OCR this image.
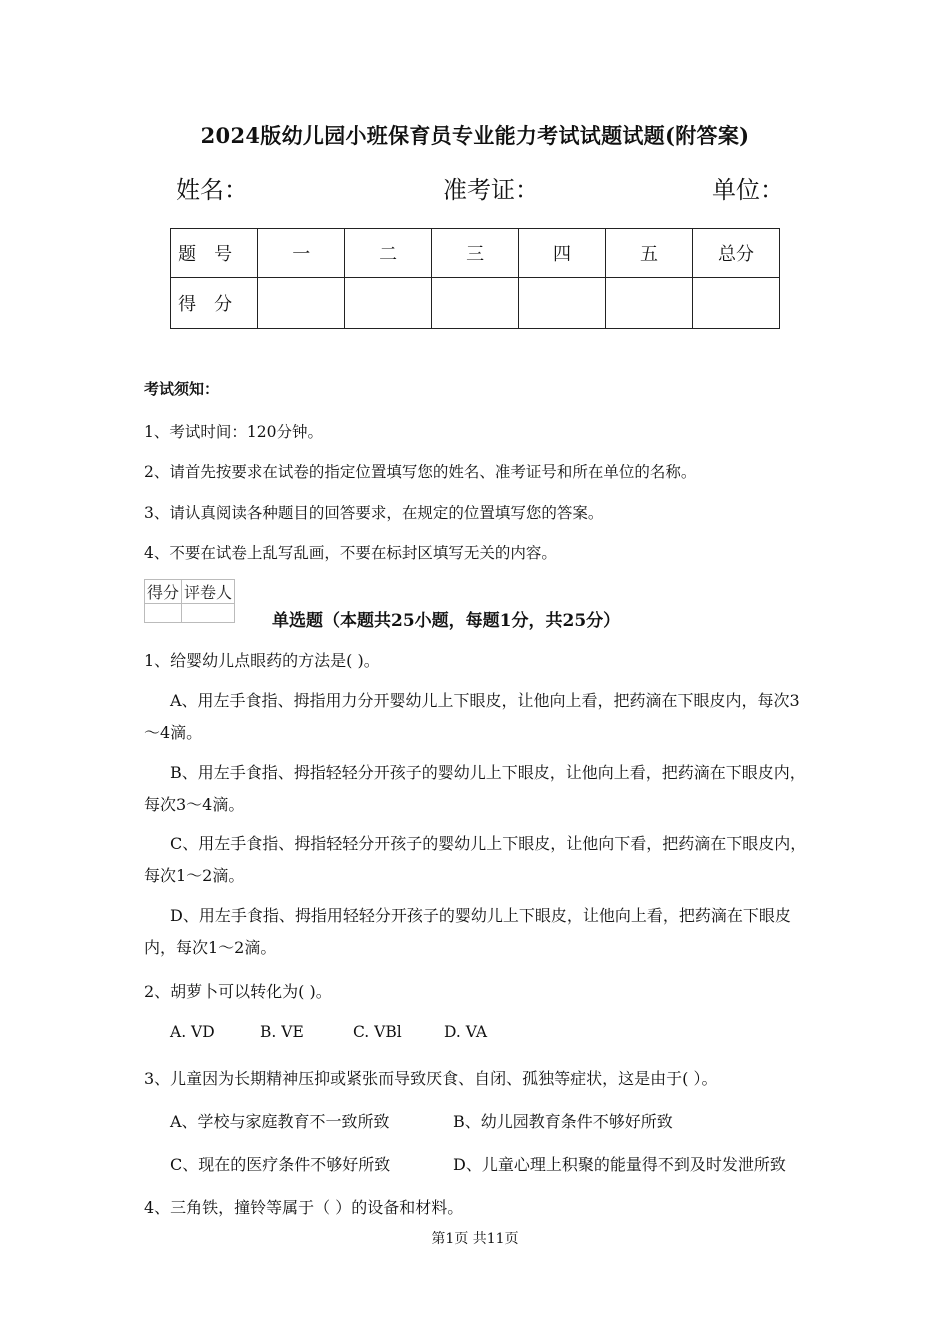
2024版幼儿园小班保育员专业能力考试试题试题(附答案)
姓名：	准考证：	单位：
题号	一	二	三	四	五	总分
得分						
考试须知：
1、考试时间：120分钟。
2、请首先按要求在试卷的指定位置填写您的姓名、准考证号和所在单位的名称。
3、请认真阅读各种题目的回答要求，在规定的位置填写您的答案。
4、不要在试卷上乱写乱画，不要在标封区填写无关的内容。
得分	评卷人

单选题（本题共25小题，每题1分，共25分）
1、给婴幼儿点眼药的方法是( )。
A、用左手食指、拇指用力分开婴幼儿上下眼皮，让他向上看，把药滴在下眼皮内，每次3～4滴。
B、用左手食指、拇指轻轻分开孩子的婴幼儿上下眼皮，让他向上看，把药滴在下眼皮内，每次3～4滴。
C、用左手食指、拇指轻轻分开孩子的婴幼儿上下眼皮，让他向下看，把药滴在下眼皮内，每次1～2滴。
D、用左手食指、拇指用轻轻分开孩子的婴幼儿上下眼皮，让他向上看，把药滴在下眼皮内，每次1～2滴。
2、胡萝卜可以转化为( )。
A. VD	B. VE	C. VBl	D. VA
3、儿童因为长期精神压抑或紧张而导致厌食、自闭、孤独等症状，这是由于( ）。
A、学校与家庭教育不一致所致	B、幼儿园教育条件不够好所致
C、现在的医疗条件不够好所致	D、儿童心理上积聚的能量得不到及时发泄所致
4、三角铁，撞铃等属于（ ）的设备和材料。
第1页 共11页
